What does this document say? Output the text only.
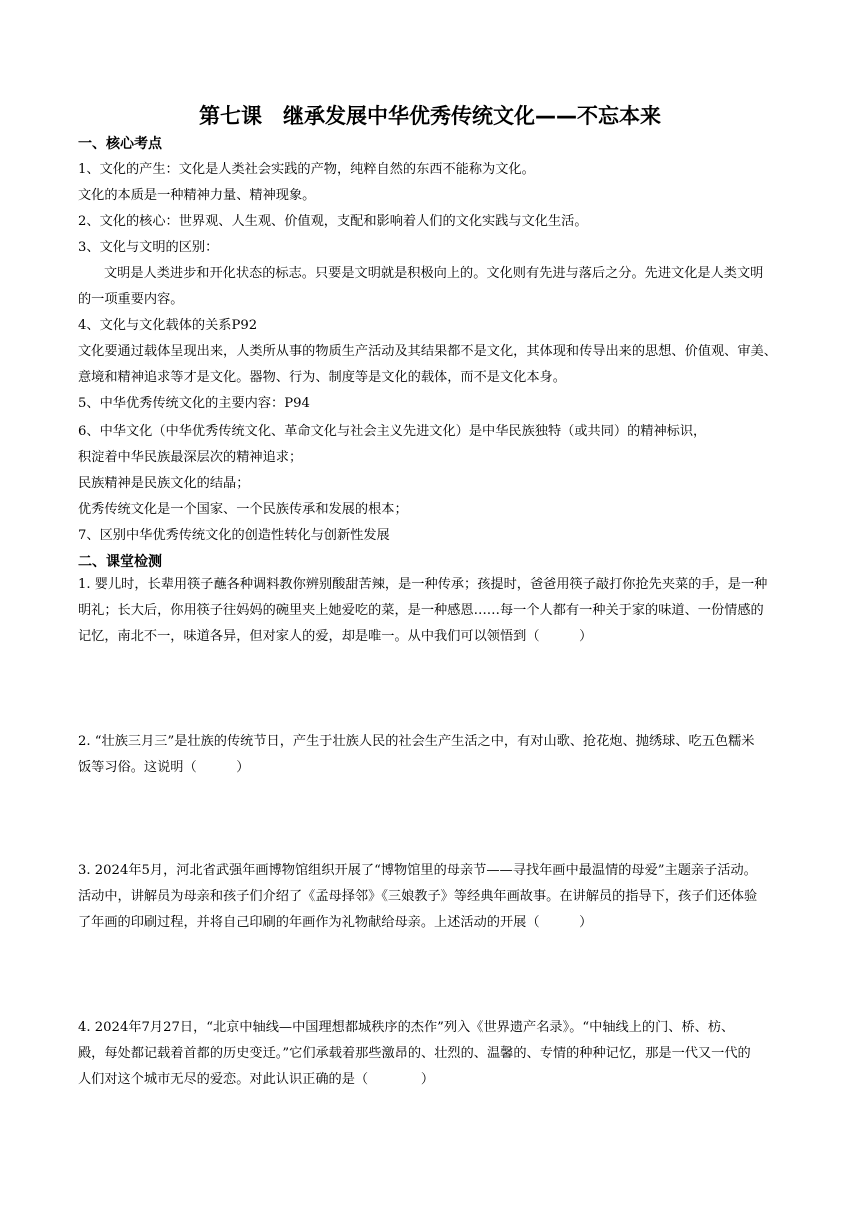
第七课　继承发展中华优秀传统文化——不忘本来
一、核心考点
1、文化的产生：文化是人类社会实践的产物，纯粹自然的东西不能称为文化。
文化的本质是一种精神力量、精神现象。
2、文化的核心：世界观、人生观、价值观，支配和影响着人们的文化实践与文化生活。
3、文化与文明的区别：
文明是人类进步和开化状态的标志。只要是文明就是积极向上的。文化则有先进与落后之分。先进文化是人类文明
的一项重要内容。
4、文化与文化载体的关系P92
文化要通过载体呈现出来，人类所从事的物质生产活动及其结果都不是文化，其体现和传导出来的思想、价值观、审美、
意境和精神追求等才是文化。器物、行为、制度等是文化的载体，而不是文化本身。
5、中华优秀传统文化的主要内容：P94
6、中华文化（中华优秀传统文化、革命文化与社会主义先进文化）是中华民族独特（或共同）的精神标识，
积淀着中华民族最深层次的精神追求；
民族精神是民族文化的结晶；
优秀传统文化是一个国家、一个民族传承和发展的根本；
7、区别中华优秀传统文化的创造性转化与创新性发展
二、课堂检测
1. 婴儿时，长辈用筷子蘸各种调料教你辨别酸甜苦辣，是一种传承；孩提时，爸爸用筷子敲打你抢先夹菜的手，是一种
明礼；长大后，你用筷子往妈妈的碗里夹上她爱吃的菜，是一种感恩……每一个人都有一种关于家的味道、一份情感的
记忆，南北不一，味道各异，但对家人的爱，却是唯一。从中我们可以领悟到（　　　）
2. “壮族三月三”是壮族的传统节日，产生于壮族人民的社会生产生活之中，有对山歌、抢花炮、抛绣球、吃五色糯米
饭等习俗。这说明（　　　）
3. 2024年5月，河北省武强年画博物馆组织开展了“博物馆里的母亲节——寻找年画中最温情的母爱”主题亲子活动。
活动中，讲解员为母亲和孩子们介绍了《孟母择邻》《三娘教子》等经典年画故事。在讲解员的指导下，孩子们还体验
了年画的印刷过程，并将自己印刷的年画作为礼物献给母亲。上述活动的开展（　　　）
4. 2024年7月27日，“北京中轴线—中国理想都城秩序的杰作”列入《世界遗产名录》。“中轴线上的门、桥、枋、
殿，每处都记载着首都的历史变迁。”它们承载着那些激昂的、壮烈的、温馨的、专情的种种记忆，那是一代又一代的
人们对这个城市无尽的爱恋。对此认识正确的是（　　　　）
